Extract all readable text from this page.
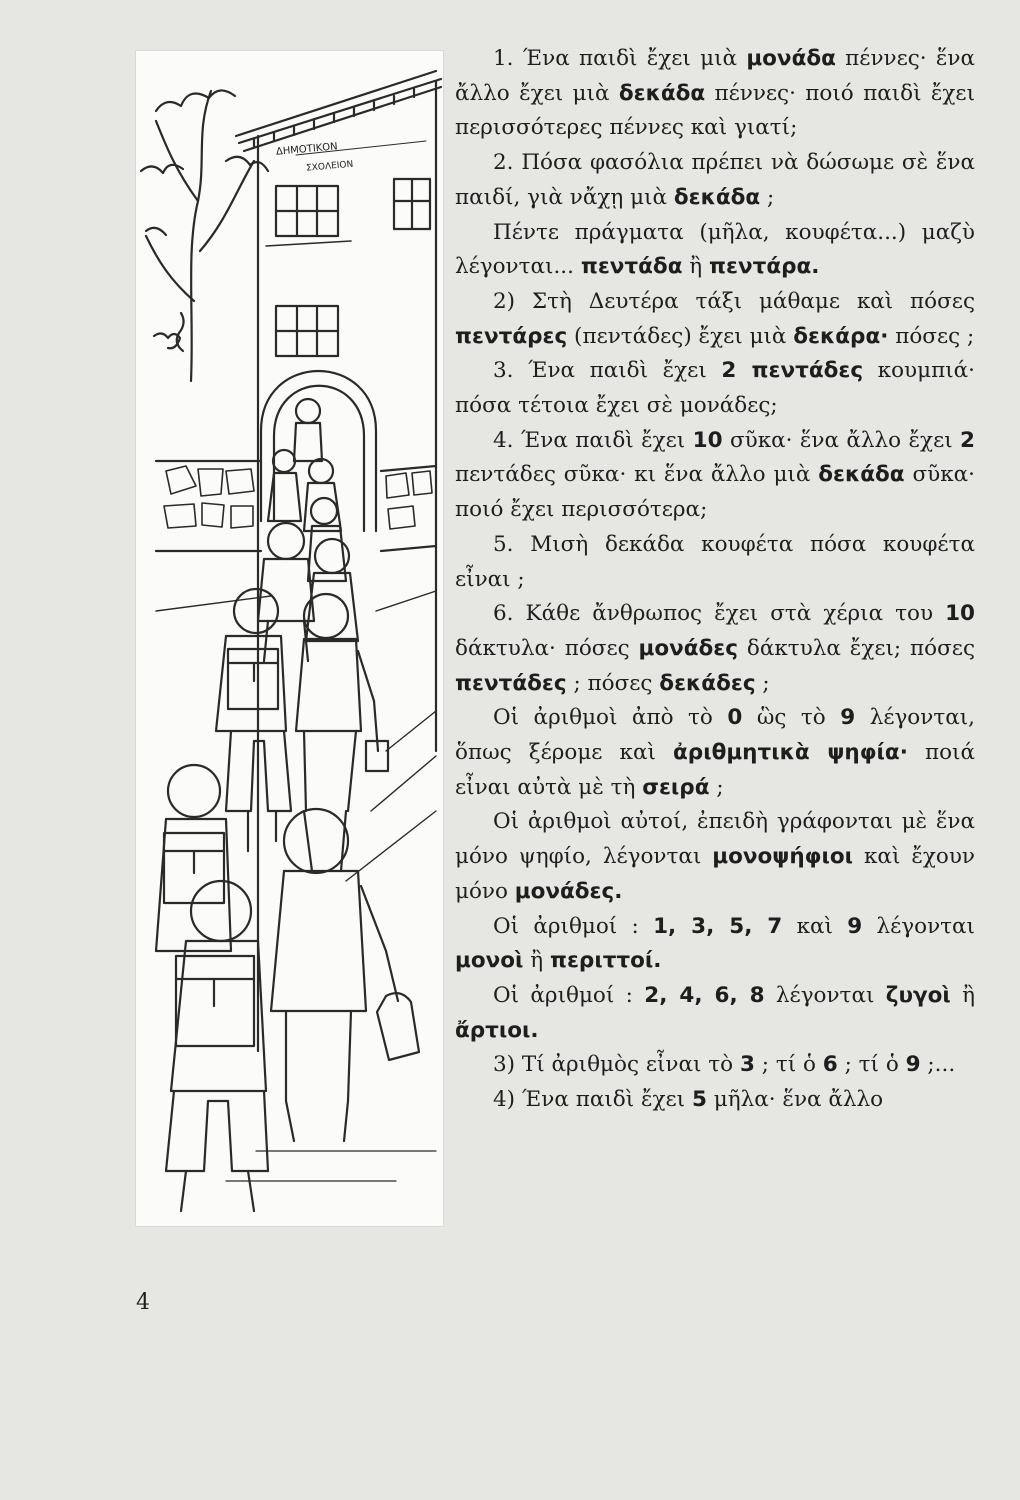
ΔΗΜΟΤΙΚΟΝ
ΣΧΟΛΕΙΟΝ

1. Ένα παιδὶ ἔχει μιὰ μονάδα πέννες· ἕνα ἄλλο ἔχει μιὰ δεκάδα πέννες· ποιό παιδὶ ἔχει περισσότερες πέννες καὶ γιατί;

2. Πόσα φασόλια πρέπει νὰ δώσωμε σὲ ἕνα παιδί, γιὰ νἄχῃ μιὰ δεκάδα ;

Πέντε πράγματα (μῆλα, κουφέτα...) μαζὺ λέγονται... πεντάδα ἢ πεντάρα.

2) Στὴ Δευτέρα τάξι μάθαμε καὶ πόσες πεντάρες (πεντάδες) ἔχει μιὰ δεκάρα· πόσες ;

3. Ένα παιδὶ ἔχει 2 πεντάδες κουμπιά· πόσα τέτοια ἔχει σὲ μονάδες;

4. Ένα παιδὶ ἔχει 10 σῦκα· ἕνα ἄλλο ἔχει 2 πεντάδες σῦκα· κι ἕνα ἄλλο μιὰ δεκάδα σῦκα· ποιό ἔχει περισσότερα;

5. Μισὴ δεκάδα κουφέτα πόσα κουφέτα εἶναι ;

6. Κάθε ἄνθρωπος ἔχει στὰ χέρια του 10 δάκτυλα· πόσες μονάδες δάκτυλα ἔχει; πόσες πεντάδες ; πόσες δεκάδες ;

Οἱ ἀριθμοὶ ἀπὸ τὸ 0 ὣς τὸ 9 λέγονται, ὅπως ξέρομε καὶ ἀριθμητικὰ ψηφία· ποιά εἶναι αὐτὰ μὲ τὴ σειρά ;

Οἱ ἀριθμοὶ αὐτοί, ἐπειδὴ γράφονται μὲ ἕνα μόνο ψηφίο, λέγονται μονοψήφιοι καὶ ἔχουν μόνο μονάδες.

Οἱ ἀριθμοί : 1, 3, 5, 7 καὶ 9 λέγονται μονοὶ ἢ περιττοί.

Οἱ ἀριθμοί : 2, 4, 6, 8 λέγονται ζυγοὶ ἢ ἄρτιοι.

3) Τί ἀριθμὸς εἶναι τὸ 3 ; τί ὁ 6 ; τί ὁ 9 ;...

4) Ένα παιδὶ ἔχει 5 μῆλα· ἕνα ἄλλο

4
